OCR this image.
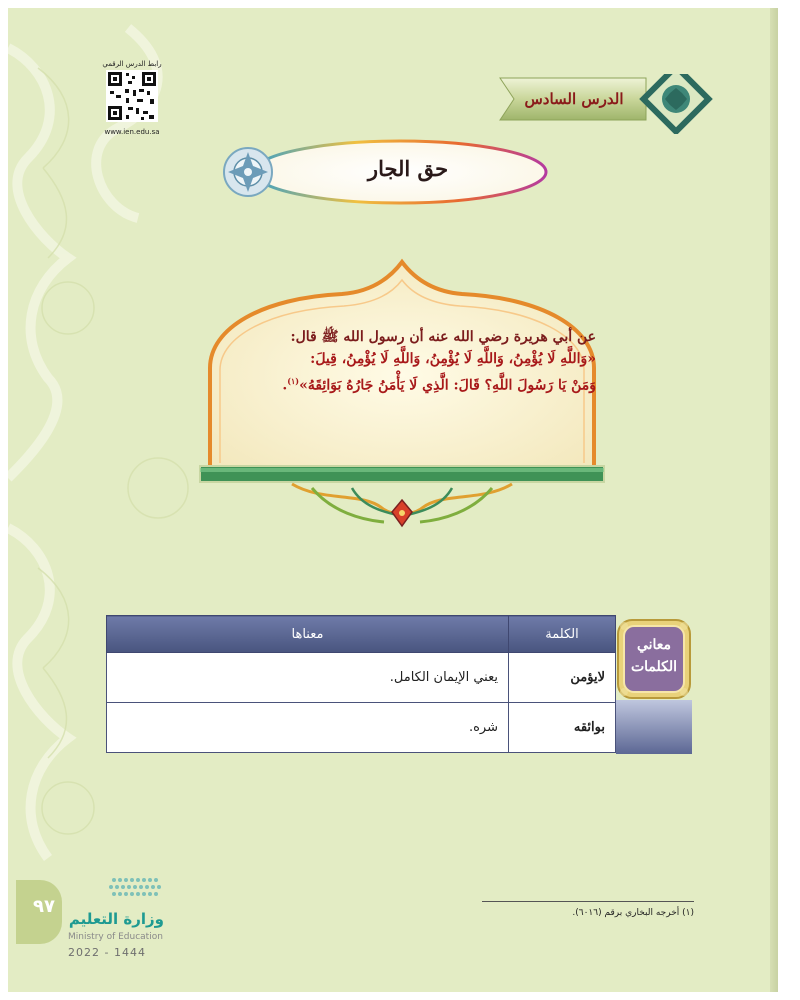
رابط الدرس الرقمي
www.ien.edu.sa
الدرس السادس
حق الجار
عن أبي هريرة رضي الله عنه أن رسول الله ﷺ قال:
«وَاللَّهِ لَا يُؤْمِنُ، وَاللَّهِ لَا يُؤْمِنُ، وَاللَّهِ لَا يُؤْمِنُ، قِيلَ:
وَمَنْ يَا رَسُولَ اللَّهِ؟ قَالَ: الَّذِي لَا يَأْمَنُ جَارُهُ بَوَائِقَهُ»$^{(١)}$.
معاني
الكلمات
الكلمة	معناها
لايؤمن	يعني الإيمان الكامل.
بوائقه	شره.
(١) أخرجه البخاري برقم (٦٠١٦).
٩٧
وزارة التعليم
Ministry of Education
2022 - 1444
